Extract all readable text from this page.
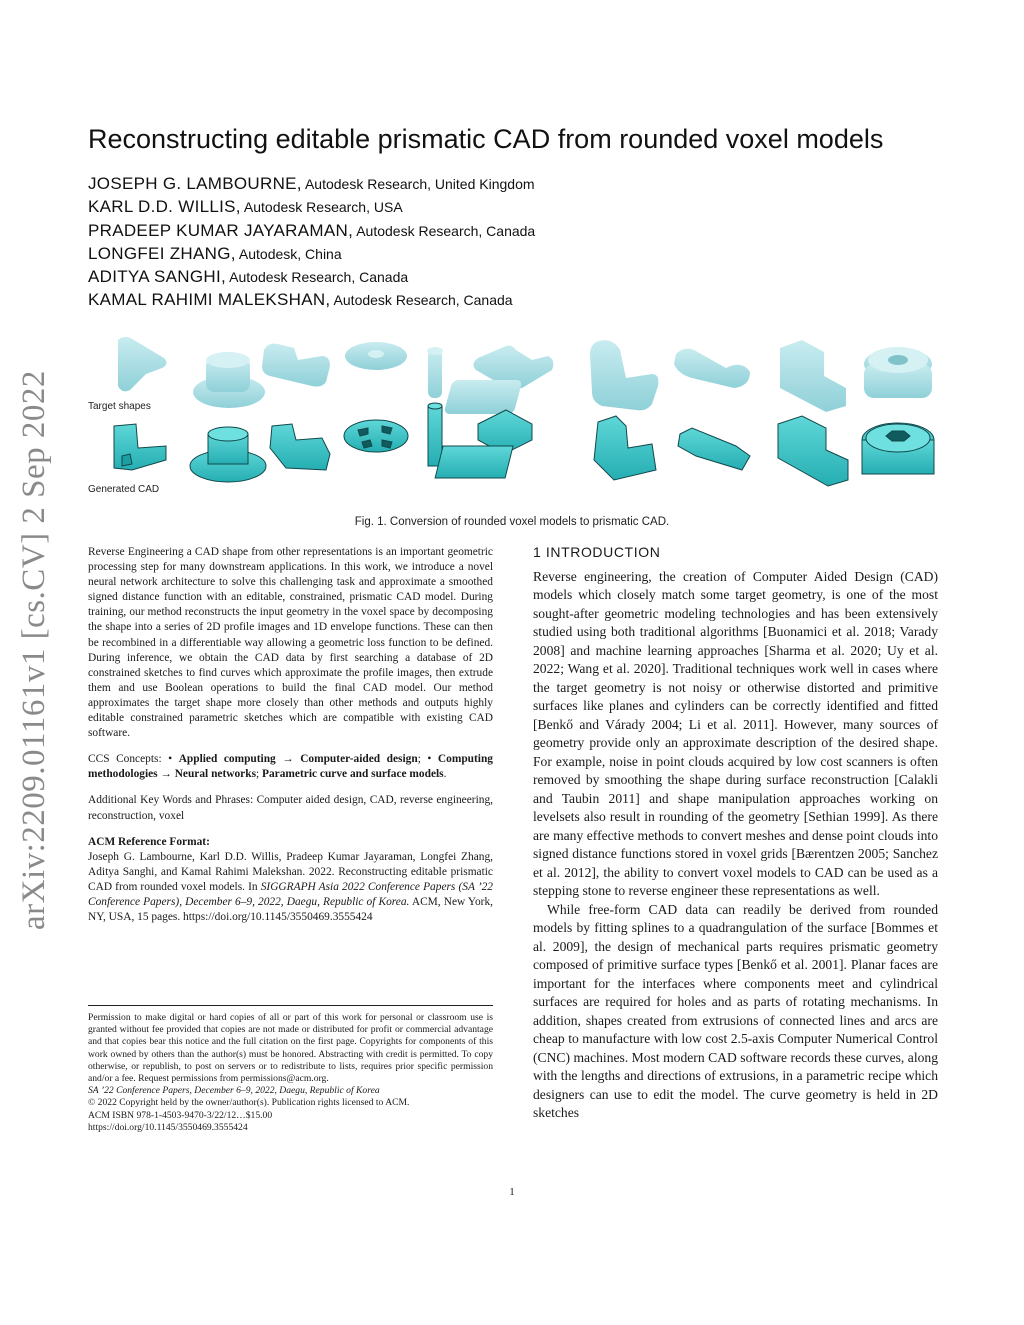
arXiv:2209.01161v1 [cs.CV] 2 Sep 2022
Reconstructing editable prismatic CAD from rounded voxel models
JOSEPH G. LAMBOURNE, Autodesk Research, United Kingdom
KARL D.D. WILLIS, Autodesk Research, USA
PRADEEP KUMAR JAYARAMAN, Autodesk Research, Canada
LONGFEI ZHANG, Autodesk, China
ADITYA SANGHI, Autodesk Research, Canada
KAMAL RAHIMI MALEKSHAN, Autodesk Research, Canada
Target shapes
Generated CAD
Fig. 1. Conversion of rounded voxel models to prismatic CAD.

Reverse Engineering a CAD shape from other representations is an important geometric processing step for many downstream applications. In this work, we introduce a novel neural network architecture to solve this challenging task and approximate a smoothed signed distance function with an editable, constrained, prismatic CAD model. During training, our method reconstructs the input geometry in the voxel space by decomposing the shape into a series of 2D profile images and 1D envelope functions. These can then be recombined in a differentiable way allowing a geometric loss function to be defined. During inference, we obtain the CAD data by first searching a database of 2D constrained sketches to find curves which approximate the profile images, then extrude them and use Boolean operations to build the final CAD model. Our method approximates the target shape more closely than other methods and outputs highly editable constrained parametric sketches which are compatible with existing CAD software.

CCS Concepts: • Applied computing → Computer-aided design; • Computing methodologies → Neural networks; Parametric curve and surface models.

Additional Key Words and Phrases: Computer aided design, CAD, reverse engineering, reconstruction, voxel

ACM Reference Format:

Joseph G. Lambourne, Karl D.D. Willis, Pradeep Kumar Jayaraman, Longfei Zhang, Aditya Sanghi, and Kamal Rahimi Malekshan. 2022. Reconstructing editable prismatic CAD from rounded voxel models. In SIGGRAPH Asia 2022 Conference Papers (SA ’22 Conference Papers), December 6–9, 2022, Daegu, Republic of Korea. ACM, New York, NY, USA, 15 pages. https://doi.org/10.1145/3550469.3555424

Permission to make digital or hard copies of all or part of this work for personal or classroom use is granted without fee provided that copies are not made or distributed for profit or commercial advantage and that copies bear this notice and the full citation on the first page. Copyrights for components of this work owned by others than the author(s) must be honored. Abstracting with credit is permitted. To copy otherwise, or republish, to post on servers or to redistribute to lists, requires prior specific permission and/or a fee. Request permissions from permissions@acm.org.

SA ’22 Conference Papers, December 6–9, 2022, Daegu, Republic of Korea

© 2022 Copyright held by the owner/author(s). Publication rights licensed to ACM.

ACM ISBN 978-1-4503-9470-3/22/12…$15.00

https://doi.org/10.1145/3550469.3555424

1 INTRODUCTION

Reverse engineering, the creation of Computer Aided Design (CAD) models which closely match some target geometry, is one of the most sought-after geometric modeling technologies and has been extensively studied using both traditional algorithms [Buonamici et al. 2018; Varady 2008] and machine learning approaches [Sharma et al. 2020; Uy et al. 2022; Wang et al. 2020]. Traditional techniques work well in cases where the target geometry is not noisy or otherwise distorted and primitive surfaces like planes and cylinders can be correctly identified and fitted [Benkő and Várady 2004; Li et al. 2011]. However, many sources of geometry provide only an approximate description of the desired shape. For example, noise in point clouds acquired by low cost scanners is often removed by smoothing the shape during surface reconstruction [Calakli and Taubin 2011] and shape manipulation approaches working on levelsets also result in rounding of the geometry [Sethian 1999]. As there are many effective methods to convert meshes and dense point clouds into signed distance functions stored in voxel grids [Bærentzen 2005; Sanchez et al. 2012], the ability to convert voxel models to CAD can be used as a stepping stone to reverse engineer these representations as well.

While free-form CAD data can readily be derived from rounded models by fitting splines to a quadrangulation of the surface [Bommes et al. 2009], the design of mechanical parts requires prismatic geometry composed of primitive surface types [Benkő et al. 2001]. Planar faces are important for the interfaces where components meet and cylindrical surfaces are required for holes and as parts of rotating mechanisms. In addition, shapes created from extrusions of connected lines and arcs are cheap to manufacture with low cost 2.5-axis Computer Numerical Control (CNC) machines. Most modern CAD software records these curves, along with the lengths and directions of extrusions, in a parametric recipe which designers can use to edit the model. The curve geometry is held in 2D sketches

1
